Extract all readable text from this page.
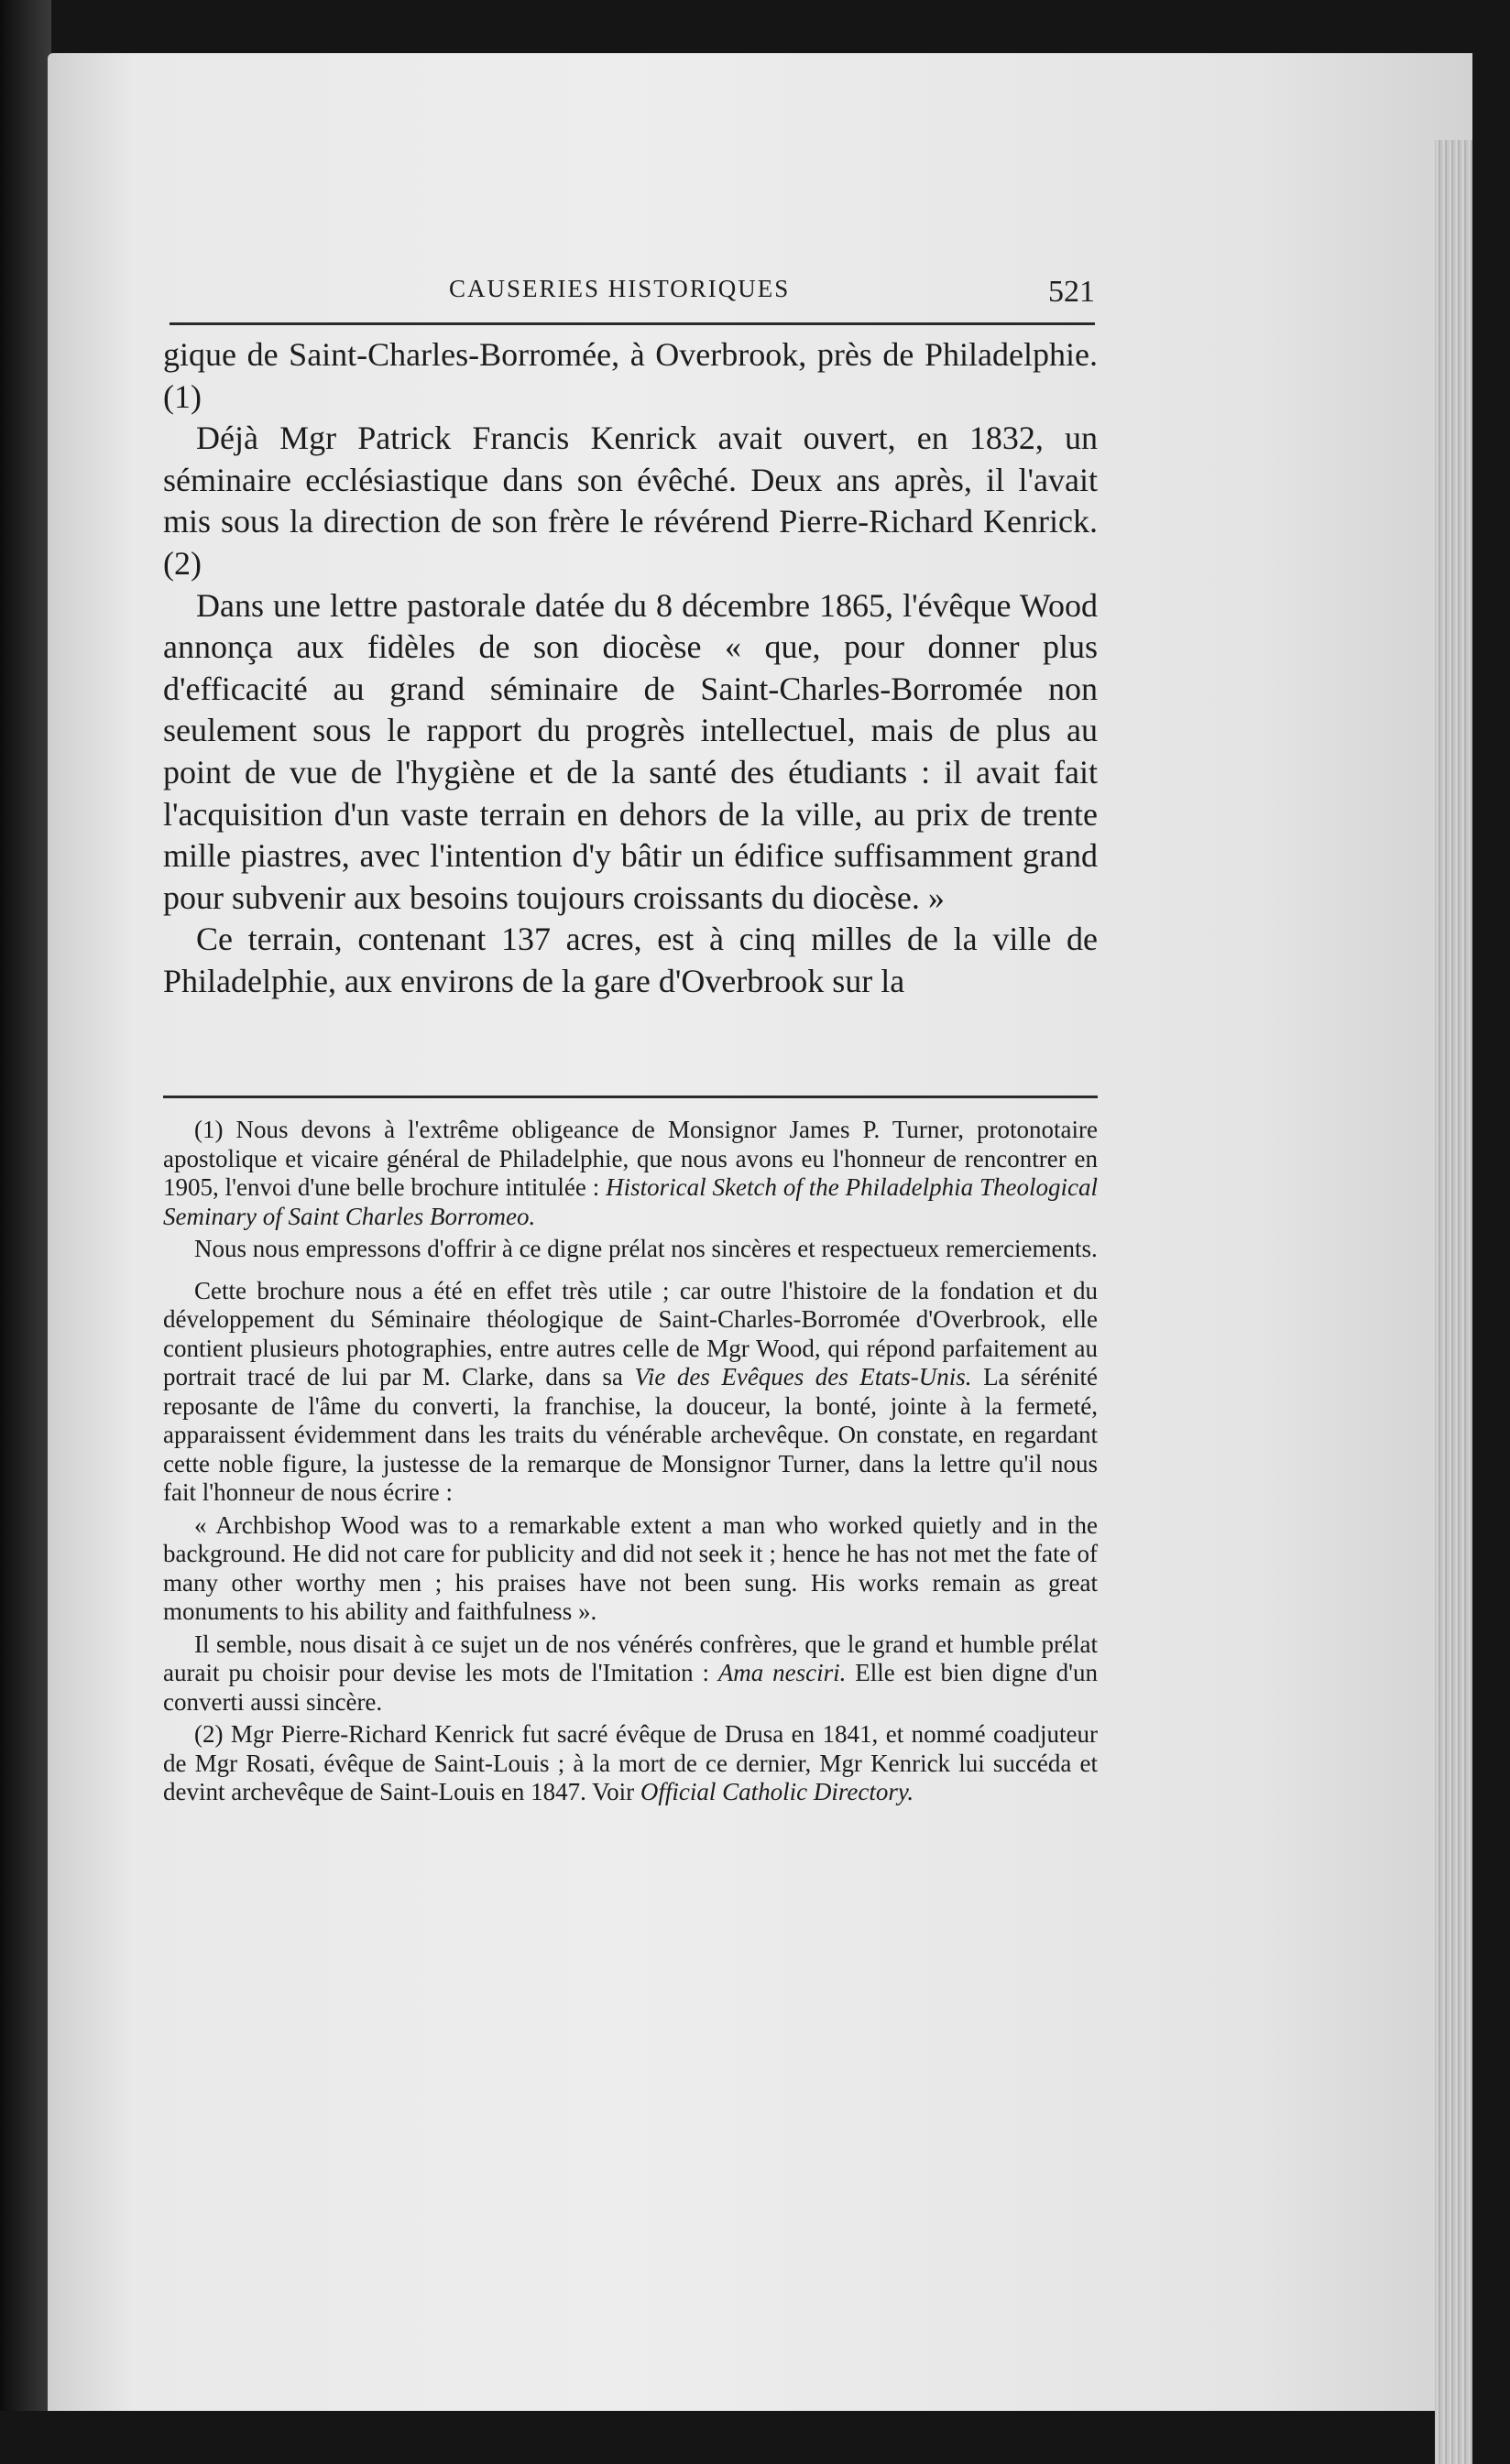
CAUSERIES HISTORIQUES	521

gique de Saint-Charles-Borromée, à Overbrook, près de Philadelphie. (1)

Déjà Mgr Patrick Francis Kenrick avait ouvert, en 1832, un séminaire ecclésiastique dans son évêché. Deux ans après, il l'avait mis sous la direction de son frère le révérend Pierre-Richard Kenrick. (2)

Dans une lettre pastorale datée du 8 décembre 1865, l'évêque Wood annonça aux fidèles de son diocèse « que, pour donner plus d'efficacité au grand séminaire de Saint-Charles-Borromée non seulement sous le rapport du progrès intellectuel, mais de plus au point de vue de l'hygiène et de la santé des étudiants : il avait fait l'acquisition d'un vaste terrain en dehors de la ville, au prix de trente mille piastres, avec l'intention d'y bâtir un édifice suffisamment grand pour subvenir aux besoins toujours croissants du diocèse. »

Ce terrain, contenant 137 acres, est à cinq milles de la ville de Philadelphie, aux environs de la gare d'Overbrook sur la

(1) Nous devons à l'extrême obligeance de Monsignor James P. Turner, protonotaire apostolique et vicaire général de Philadelphie, que nous avons eu l'honneur de rencontrer en 1905, l'envoi d'une belle brochure intitulée : Historical Sketch of the Philadelphia Theological Seminary of Saint Charles Borromeo.

Nous nous empressons d'offrir à ce digne prélat nos sincères et respectueux remerciements.

Cette brochure nous a été en effet très utile ; car outre l'histoire de la fondation et du développement du Séminaire théologique de Saint-Charles-Borromée d'Overbrook, elle contient plusieurs photographies, entre autres celle de Mgr Wood, qui répond parfaitement au portrait tracé de lui par M. Clarke, dans sa Vie des Evêques des Etats-Unis. La sérénité reposante de l'âme du converti, la franchise, la douceur, la bonté, jointe à la fermeté, apparaissent évidemment dans les traits du vénérable archevêque. On constate, en regardant cette noble figure, la justesse de la remarque de Monsignor Turner, dans la lettre qu'il nous fait l'honneur de nous écrire :

« Archbishop Wood was to a remarkable extent a man who worked quietly and in the background. He did not care for publicity and did not seek it ; hence he has not met the fate of many other worthy men ; his praises have not been sung. His works remain as great monuments to his ability and faithfulness ».

Il semble, nous disait à ce sujet un de nos vénérés confrères, que le grand et humble prélat aurait pu choisir pour devise les mots de l'Imitation : Ama nesciri. Elle est bien digne d'un converti aussi sincère.

(2) Mgr Pierre-Richard Kenrick fut sacré évêque de Drusa en 1841, et nommé coadjuteur de Mgr Rosati, évêque de Saint-Louis ; à la mort de ce dernier, Mgr Kenrick lui succéda et devint archevêque de Saint-Louis en 1847. Voir Official Catholic Directory.
